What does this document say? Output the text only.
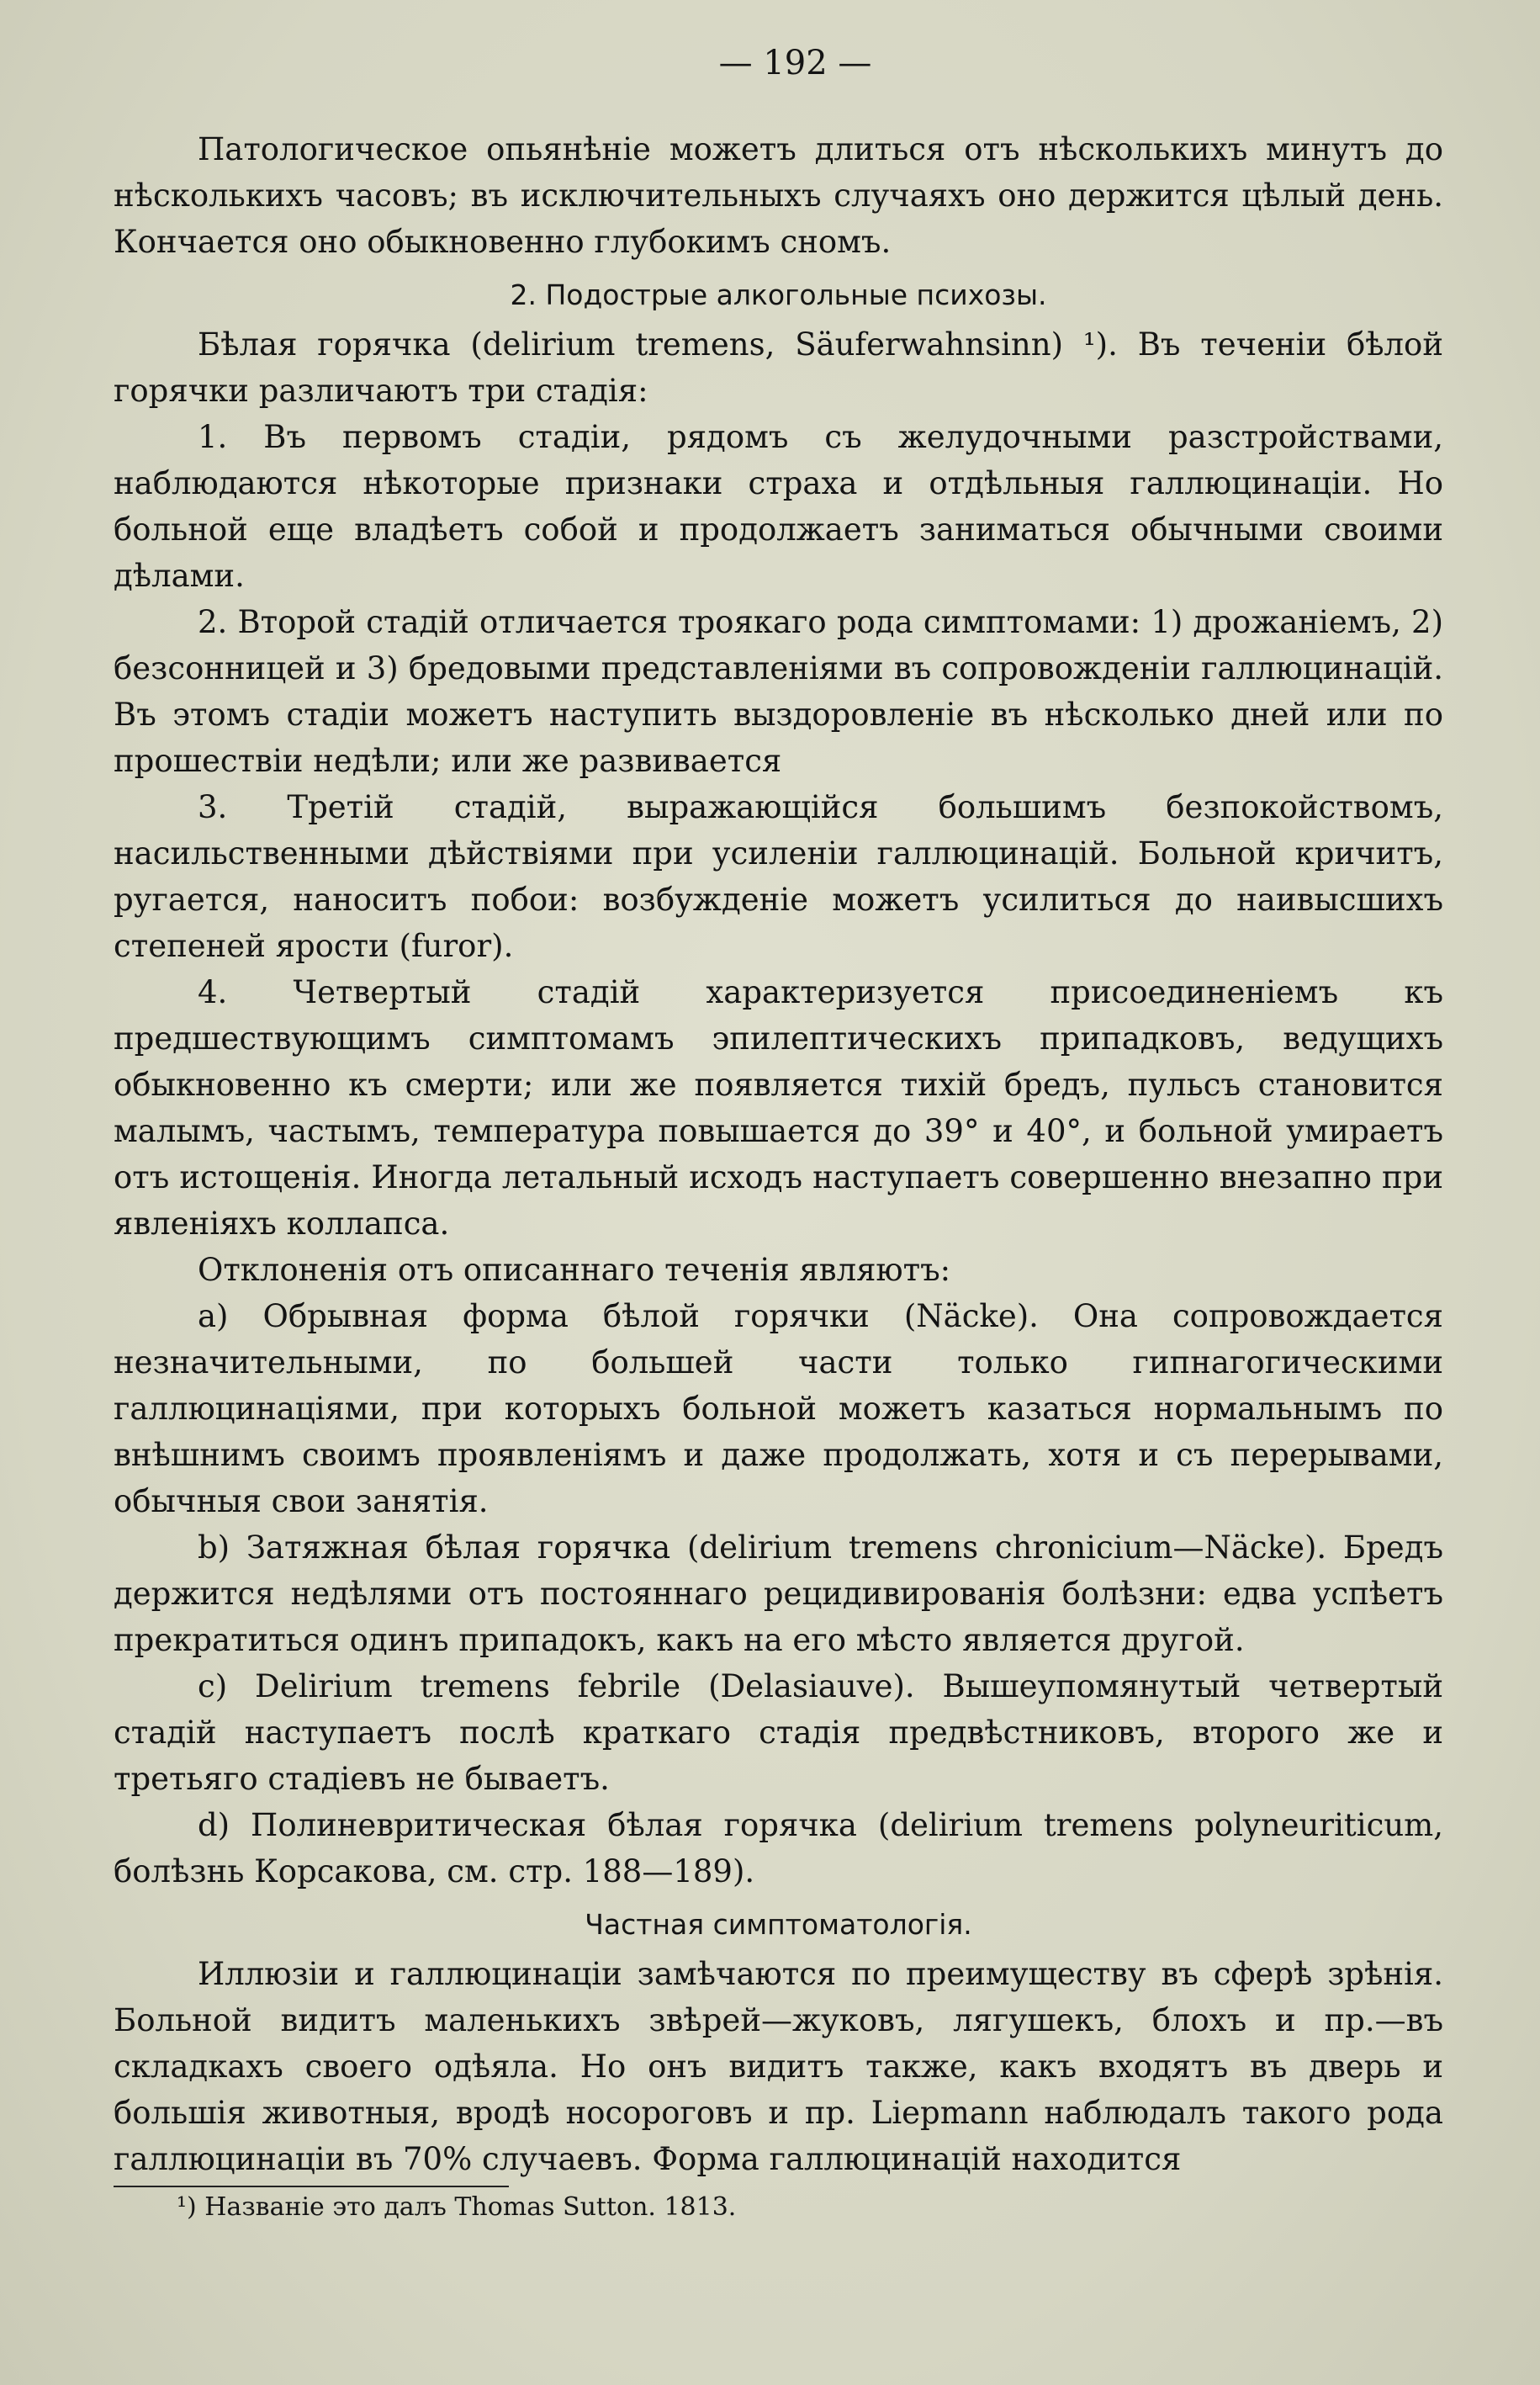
— 192 —

Патологическое опьянѣніе можетъ длиться отъ нѣсколькихъ минутъ до нѣсколькихъ часовъ; въ исключительныхъ случаяхъ оно держится цѣлый день. Кончается оно обыкновенно глубокимъ сномъ.

2. Подострые алкогольные психозы.

Бѣлая горячка (delirium tremens, Säuferwahnsinn) ¹). Въ теченіи бѣлой горячки различаютъ три стадія:

1. Въ первомъ стадіи, рядомъ съ желудочными разстройствами, наблюдаются нѣкоторые признаки страха и отдѣльныя галлюцинаціи. Но больной еще владѣетъ собой и продолжаетъ заниматься обычными своими дѣлами.

2. Второй стадій отличается троякаго рода симптомами: 1) дрожаніемъ, 2) безсонницей и 3) бредовыми представленіями въ сопровожденіи галлюцинацій. Въ этомъ стадіи можетъ наступить выздоровленіе въ нѣсколько дней или по прошествіи недѣли; или же развивается

3. Третій стадій, выражающійся большимъ безпокойствомъ, насильственными дѣйствіями при усиленіи галлюцинацій. Больной кричитъ, ругается, наноситъ побои: возбужденіе можетъ усилиться до наивысшихъ степеней ярости (furor).

4. Четвертый стадій характеризуется присоединеніемъ къ предшествующимъ симптомамъ эпилептическихъ припадковъ, ведущихъ обыкновенно къ смерти; или же появляется тихій бредъ, пульсъ становится малымъ, частымъ, температура повышается до 39° и 40°, и больной умираетъ отъ истощенія. Иногда летальный исходъ наступаетъ совершенно внезапно при явленіяхъ коллапса.

Отклоненія отъ описаннаго теченія являютъ:

a) Обрывная форма бѣлой горячки (Näcke). Она сопровождается незначительными, по большей части только гипнагогическими галлюцинаціями, при которыхъ больной можетъ казаться нормальнымъ по внѣшнимъ своимъ проявленіямъ и даже продолжать, хотя и съ перерывами, обычныя свои занятія.

b) Затяжная бѣлая горячка (delirium tremens chronicium—Näcke). Бредъ держится недѣлями отъ постояннаго рецидивированія болѣзни: едва успѣетъ прекратиться одинъ припадокъ, какъ на его мѣсто является другой.

c) Delirium tremens febrile (Delasiauve). Вышеупомянутый четвертый стадій наступаетъ послѣ краткаго стадія предвѣстниковъ, второго же и третьяго стадіевъ не бываетъ.

d) Полиневритическая бѣлая горячка (delirium tremens polyneuriticum, болѣзнь Корсакова, см. стр. 188—189).

Частная симптоматологія.

Иллюзіи и галлюцинаціи замѣчаются по преимуществу въ сферѣ зрѣнія. Больной видитъ маленькихъ звѣрей—жуковъ, лягушекъ, блохъ и пр.—въ складкахъ своего одѣяла. Но онъ видитъ также, какъ входятъ въ дверь и большія животныя, вродѣ носороговъ и пр. Liepmann наблюдалъ такого рода галлюцинаціи въ 70% случаевъ. Форма галлюцинацій находится

¹) Названіе это далъ Thomas Sutton. 1813.
